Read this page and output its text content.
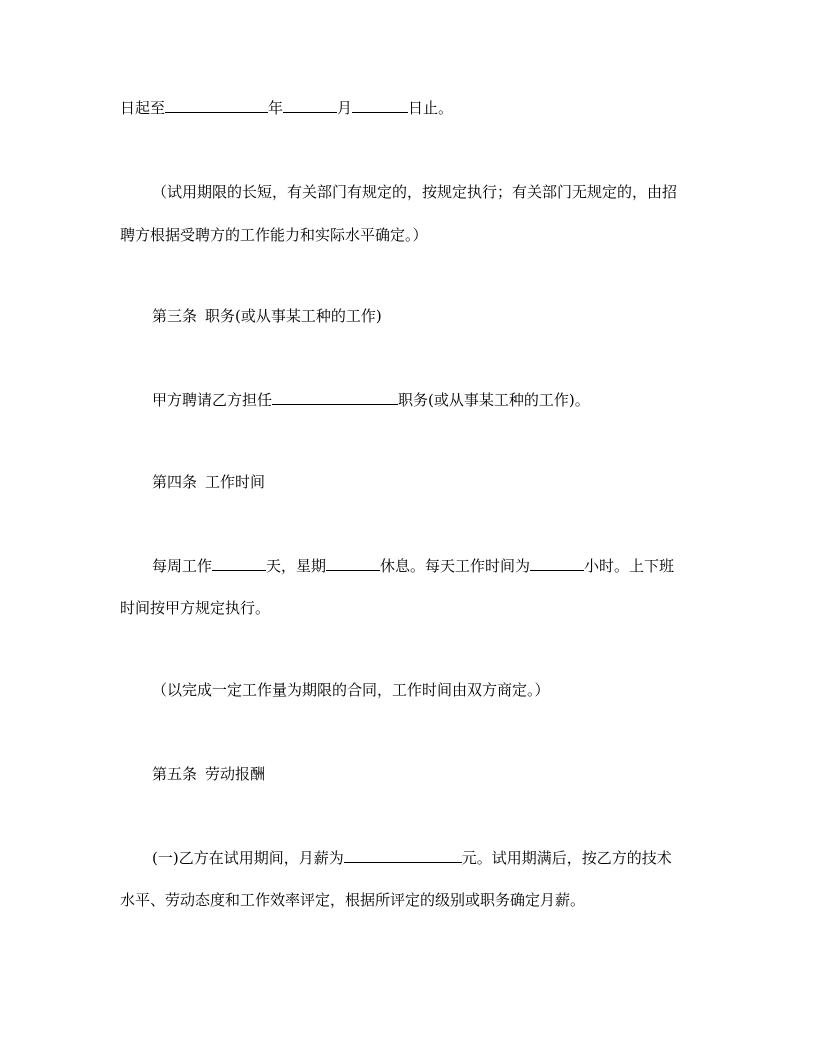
日起至	年	月	日止。
（试用期限的长短，有关部门有规定的，按规定执行；有关部门无规定的，由招
聘方根据受聘方的工作能力和实际水平确定。）
第三条 职务(或从事某工种的工作)
甲方聘请乙方担任	职务(或从事某工种的工作)。
第四条 工作时间
每周工作	天，星期	休息。每天工作时间为	小时。上下班
时间按甲方规定执行。
（以完成一定工作量为期限的合同，工作时间由双方商定。）
第五条 劳动报酬
(一)乙方在试用期间，月薪为	元。试用期满后，按乙方的技术
水平、劳动态度和工作效率评定，根据所评定的级别或职务确定月薪。
